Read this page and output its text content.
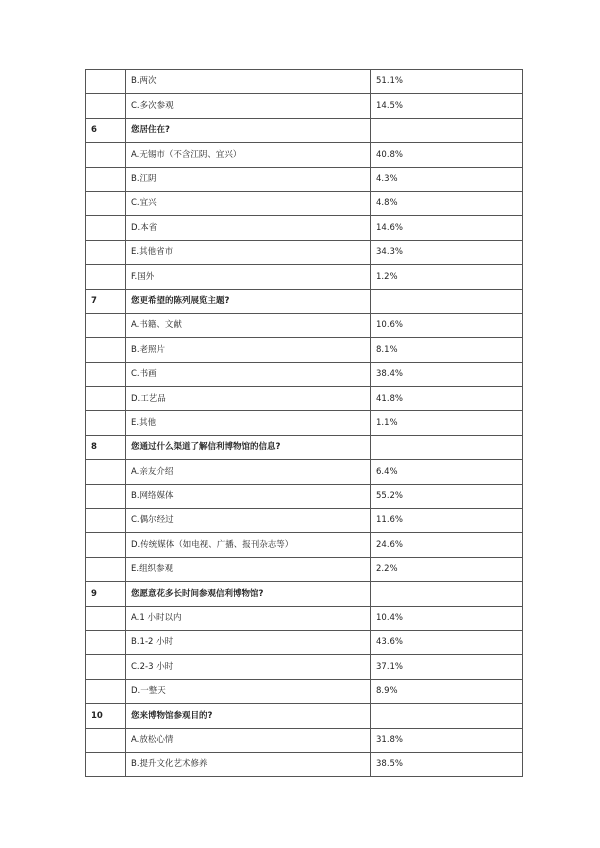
	B.两次	51.1%
	C.多次参观	14.5%
6	您居住在?	
	A.无锡市（不含江阴、宜兴）	40.8%
	B.江阴	4.3%
	C.宜兴	4.8%
	D.本省	14.6%
	E.其他省市	34.3%
	F.国外	1.2%
7	您更希望的陈列展览主题?	
	A.书籍、文献	10.6%
	B.老照片	8.1%
	C.书画	38.4%
	D.工艺品	41.8%
	E.其他	1.1%
8	您通过什么渠道了解信利博物馆的信息?	
	A.亲友介绍	6.4%
	B.网络媒体	55.2%
	C.偶尔经过	11.6%
	D.传统媒体（如电视、广播、报刊杂志等）	24.6%
	E.组织参观	2.2%
9	您愿意花多长时间参观信利博物馆?	
	A.1 小时以内	10.4%
	B.1-2 小时	43.6%
	C.2-3 小时	37.1%
	D.一整天	8.9%
10	您来博物馆参观目的?	
	A.放松心情	31.8%
	B.提升文化艺术修养	38.5%
